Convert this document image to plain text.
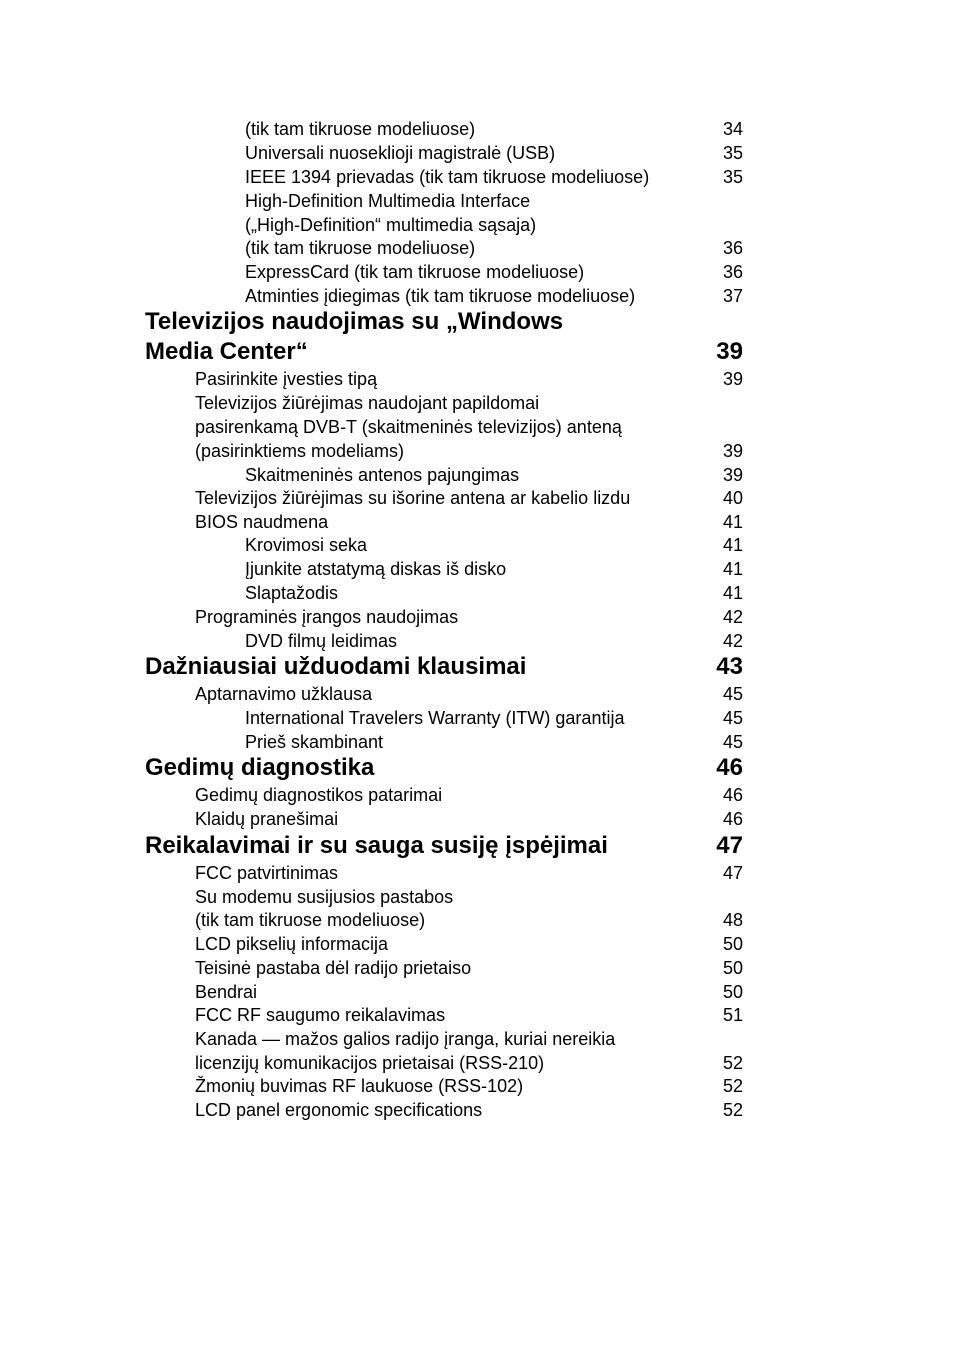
(tik tam tikruose modeliuose)	34
Universali nuoseklioji magistralė (USB)	35
IEEE 1394 prievadas (tik tam tikruose modeliuose)	35
High-Definition Multimedia Interface
(„High-Definition“ multimedia sąsaja)
(tik tam tikruose modeliuose)	36
ExpressCard (tik tam tikruose modeliuose)	36
Atminties įdiegimas (tik tam tikruose modeliuose)	37
Televizijos naudojimas su „Windows
Media Center“	39
Pasirinkite įvesties tipą	39
Televizijos žiūrėjimas naudojant papildomai
pasirenkamą DVB-T (skaitmeninės televizijos) anteną
(pasirinktiems modeliams)	39
Skaitmeninės antenos pajungimas	39
Televizijos žiūrėjimas su išorine antena ar kabelio lizdu	40
BIOS naudmena	41
Krovimosi seka	41
Įjunkite atstatymą diskas iš disko	41
Slaptažodis	41
Programinės įrangos naudojimas	42
DVD filmų leidimas	42
Dažniausiai užduodami klausimai	43
Aptarnavimo užklausa	45
International Travelers Warranty (ITW) garantija	45
Prieš skambinant	45
Gedimų diagnostika	46
Gedimų diagnostikos patarimai	46
Klaidų pranešimai	46
Reikalavimai ir su sauga susiję įspėjimai	47
FCC patvirtinimas	47
Su modemu susijusios pastabos
(tik tam tikruose modeliuose)	48
LCD pikselių informacija	50
Teisinė pastaba dėl radijo prietaiso	50
Bendrai	50
FCC RF saugumo reikalavimas	51
Kanada — mažos galios radijo įranga, kuriai nereikia
licenzijų komunikacijos prietaisai (RSS-210)	52
Žmonių buvimas RF laukuose (RSS-102)	52
LCD panel ergonomic specifications	52
